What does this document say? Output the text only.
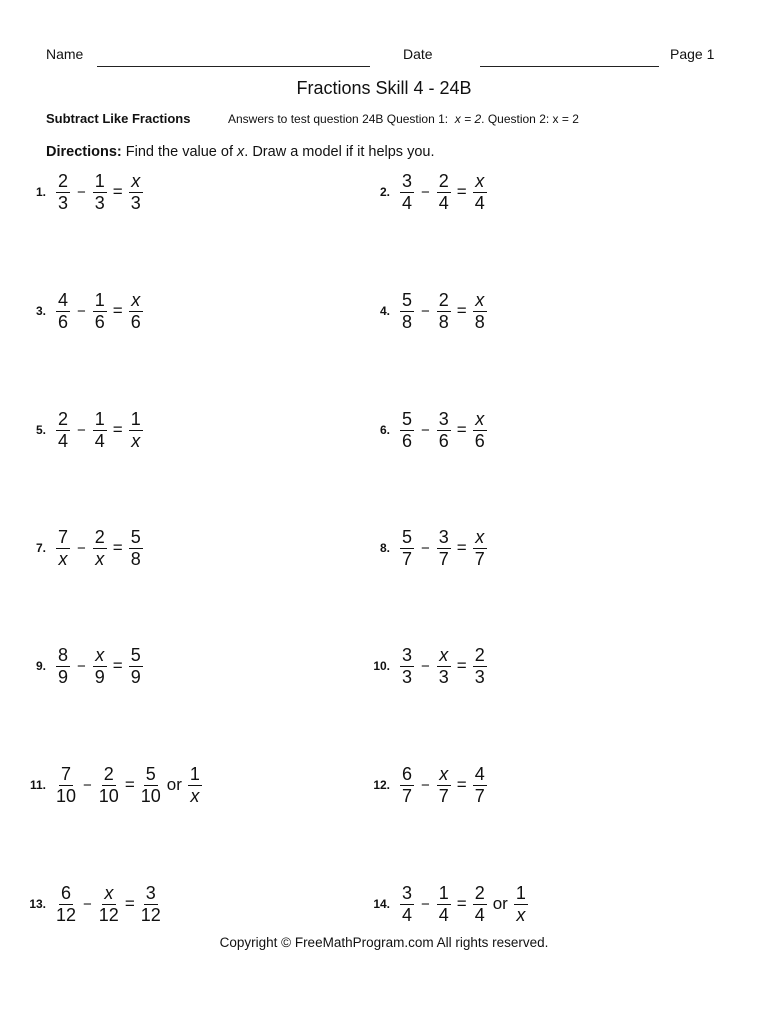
Name	Date	Page 1
Fractions Skill 4 - 24B
Subtract Like Fractions	Answers to test question 24B Question 1: x = 2. Question 2: x = 2
Directions: Find the value of x. Draw a model if it helps you.
1. $\frac{2}{3} - \frac{1}{3} = \frac{x}{3}$	2. $\frac{3}{4} - \frac{2}{4} = \frac{x}{4}$
3. $\frac{4}{6} - \frac{1}{6} = \frac{x}{6}$	4. $\frac{5}{8} - \frac{2}{8} = \frac{x}{8}$
5. $\frac{2}{4} - \frac{1}{4} = \frac{1}{x}$	6. $\frac{5}{6} - \frac{3}{6} = \frac{x}{6}$
7. $\frac{7}{x} - \frac{2}{x} = \frac{5}{8}$	8. $\frac{5}{7} - \frac{3}{7} = \frac{x}{7}$
9. $\frac{8}{9} - \frac{x}{9} = \frac{5}{9}$	10. $\frac{3}{3} - \frac{x}{3} = \frac{2}{3}$
11. $\frac{7}{10} - \frac{2}{10} = \frac{5}{10}$ or $\frac{1}{x}$	12. $\frac{6}{7} - \frac{x}{7} = \frac{4}{7}$
13. $\frac{6}{12} - \frac{x}{12} = \frac{3}{12}$	14. $\frac{3}{4} - \frac{1}{4} = \frac{2}{4}$ or $\frac{1}{x}$
Copyright © FreeMathProgram.com All rights reserved.
